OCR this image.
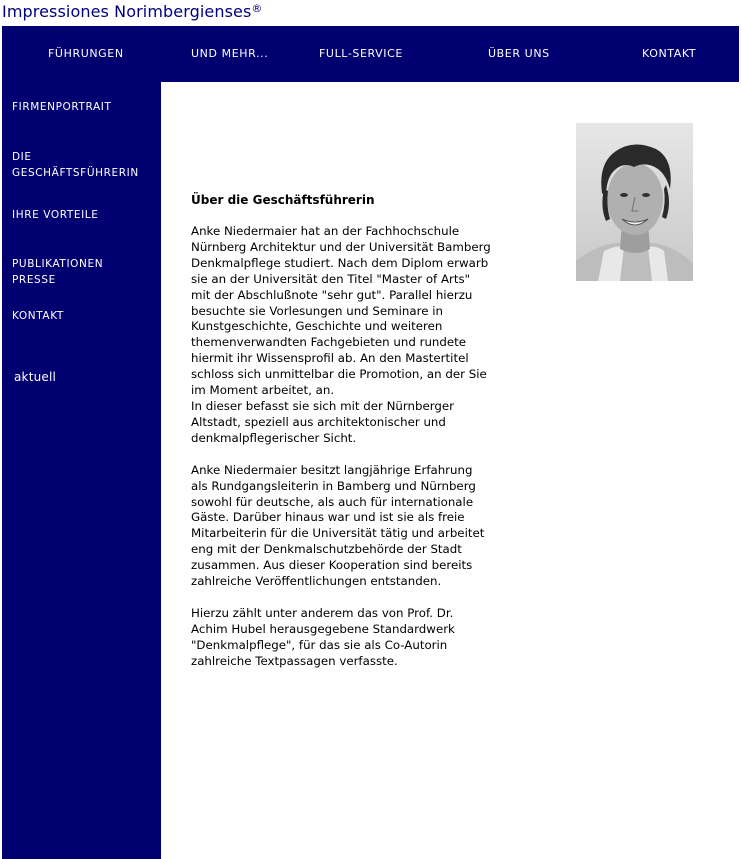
Impressiones Norimbergienses®
FÜHRUNGEN	UND MEHR...	FULL-SERVICE	ÜBER UNS	KONTAKT
FIRMENPORTRAIT
DIE
GESCHÄFTSFÜHRERIN
IHRE VORTEILE
PUBLIKATIONEN
PRESSE
KONTAKT
aktuell
Über die Geschäftsführerin

Anke Niedermaier hat an der Fachhochschule
Nürnberg Architektur und der Universität Bamberg
Denkmalpflege studiert. Nach dem Diplom erwarb
sie an der Universität den Titel "Master of Arts"
mit der Abschlußnote "sehr gut". Parallel hierzu
besuchte sie Vorlesungen und Seminare in
Kunstgeschichte, Geschichte und weiteren
themenverwandten Fachgebieten und rundete
hiermit ihr Wissensprofil ab. An den Mastertitel
schloss sich unmittelbar die Promotion, an der Sie
im Moment arbeitet, an.
In dieser befasst sie sich mit der Nürnberger
Altstadt, speziell aus architektonischer und
denkmalpflegerischer Sicht.

Anke Niedermaier besitzt langjährige Erfahrung
als Rundgangsleiterin in Bamberg und Nürnberg
sowohl für deutsche, als auch für internationale
Gäste. Darüber hinaus war und ist sie als freie
Mitarbeiterin für die Universität tätig und arbeitet
eng mit der Denkmalschutzbehörde der Stadt
zusammen. Aus dieser Kooperation sind bereits
zahlreiche Veröffentlichungen entstanden.

Hierzu zählt unter anderem das von Prof. Dr.
Achim Hubel herausgegebene Standardwerk
"Denkmalpflege", für das sie als Co-Autorin
zahlreiche Textpassagen verfasste.
